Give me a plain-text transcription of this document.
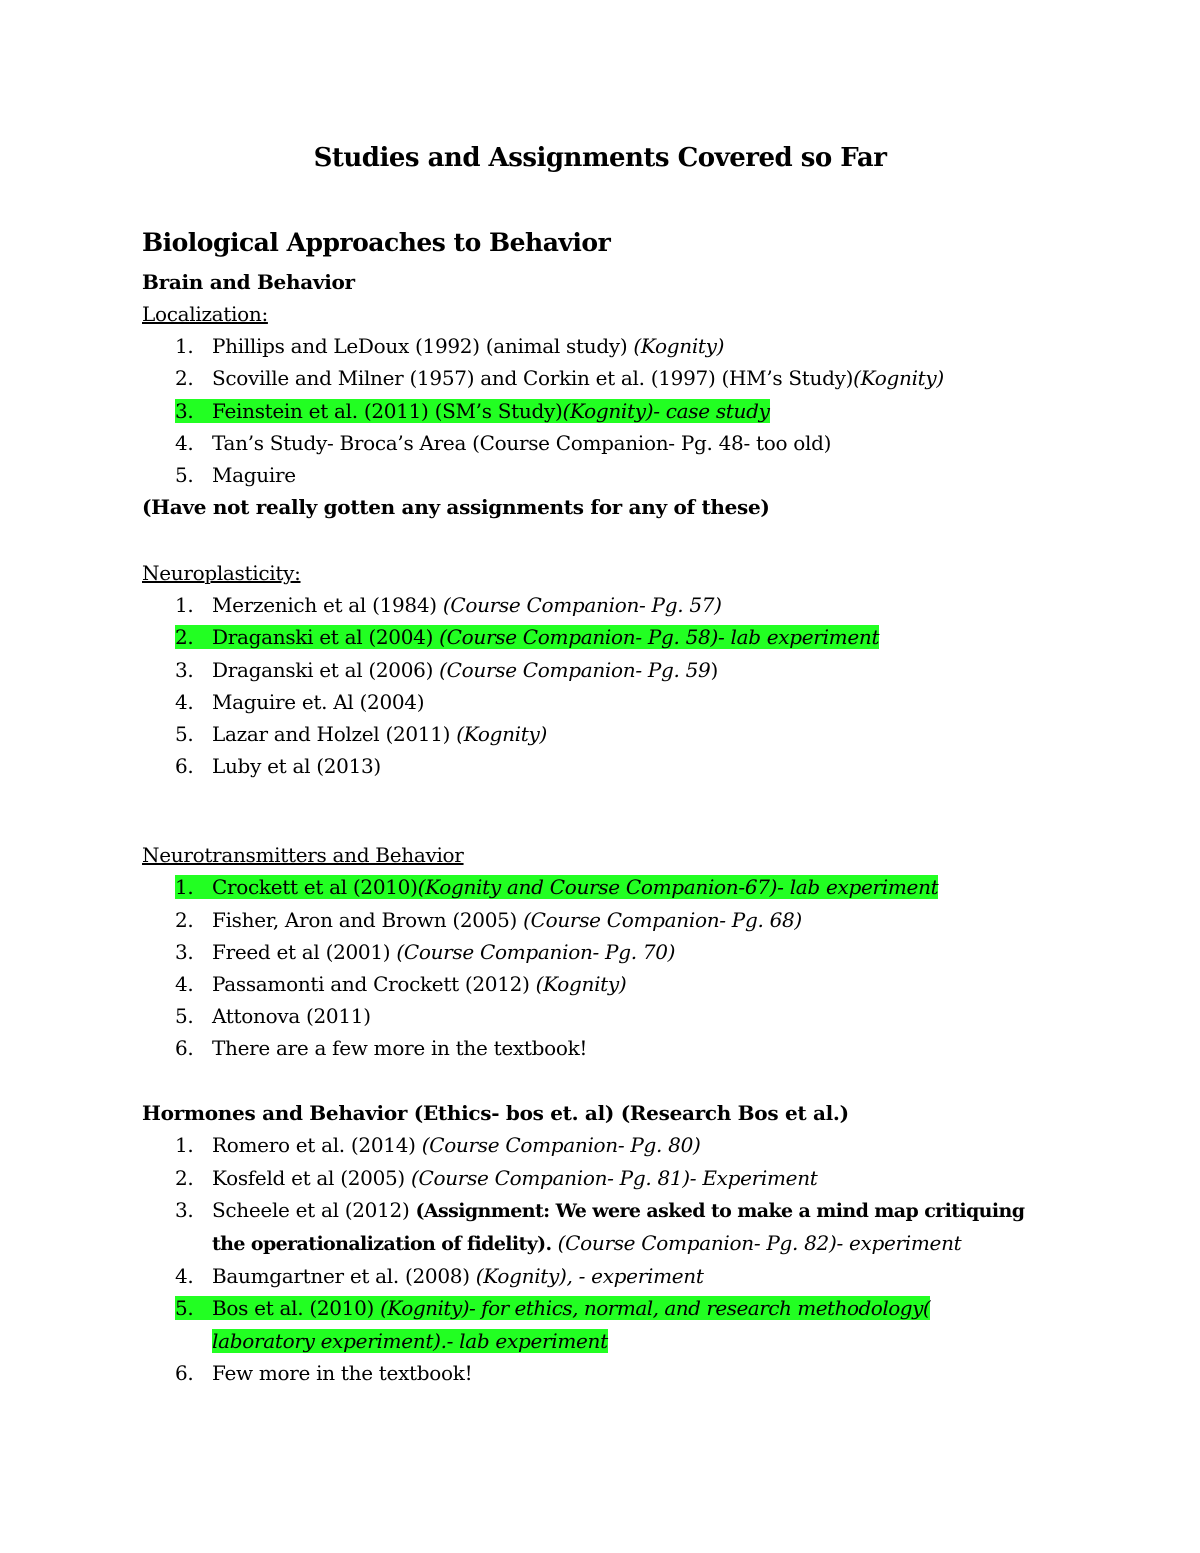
Studies and Assignments Covered so Far
Biological Approaches to Behavior
Brain and Behavior
Localization:
1. Phillips and LeDoux (1992) (animal study) (Kognity)
2. Scoville and Milner (1957) and Corkin et al. (1997) (HM’s Study)(Kognity)
3. Feinstein et al. (2011) (SM’s Study)(Kognity)- case study
4. Tan’s Study- Broca’s Area (Course Companion- Pg. 48- too old)
5. Maguire
(Have not really gotten any assignments for any of these)
Neuroplasticity:
1. Merzenich et al (1984) (Course Companion- Pg. 57)
2. Draganski et al (2004) (Course Companion- Pg. 58)- lab experiment
3. Draganski et al (2006) (Course Companion- Pg. 59)
4. Maguire et. Al (2004)
5. Lazar and Holzel (2011) (Kognity)
6. Luby et al (2013)
Neurotransmitters and Behavior
1. Crockett et al (2010)(Kognity and Course Companion-67)- lab experiment
2. Fisher, Aron and Brown (2005) (Course Companion- Pg. 68)
3. Freed et al (2001) (Course Companion- Pg. 70)
4. Passamonti and Crockett (2012) (Kognity)
5. Attonova (2011)
6. There are a few more in the textbook!
Hormones and Behavior (Ethics- bos et. al) (Research Bos et al.)
1. Romero et al. (2014) (Course Companion- Pg. 80)
2. Kosfeld et al (2005) (Course Companion- Pg. 81)- Experiment
3. Scheele et al (2012) (Assignment: We were asked to make a mind map critiquing
the operationalization of fidelity). (Course Companion- Pg. 82)- experiment
4. Baumgartner et al. (2008) (Kognity), - experiment
5. Bos et al. (2010) (Kognity)- for ethics, normal, and research methodology(
laboratory experiment).- lab experiment
6. Few more in the textbook!
